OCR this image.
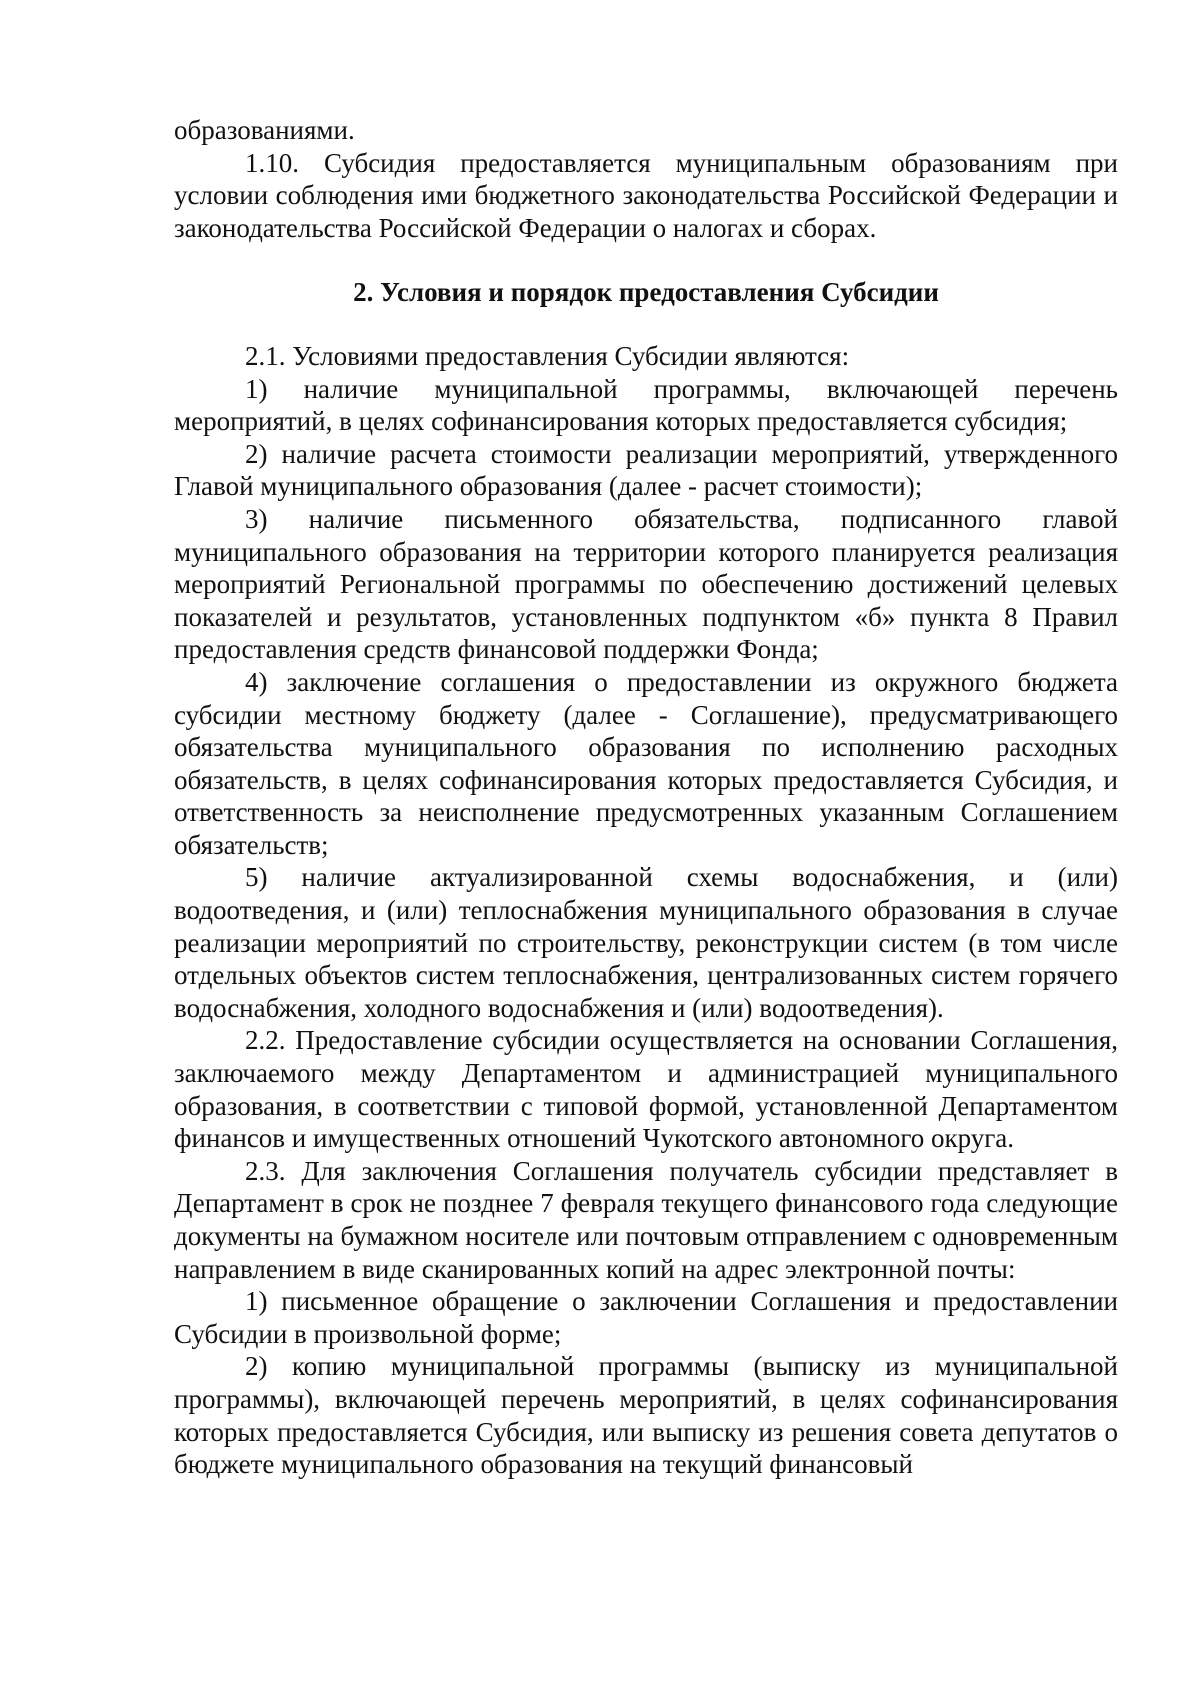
образованиями.

1.10. Субсидия предоставляется муниципальным образованиям при условии соблюдения ими бюджетного законодательства Российской Федерации и законодательства Российской Федерации о налогах и сборах.

2. Условия и порядок предоставления Субсидии

2.1. Условиями предоставления Субсидии являются:

1) наличие муниципальной программы, включающей перечень мероприятий, в целях софинансирования которых предоставляется субсидия;

2) наличие расчета стоимости реализации мероприятий, утвержденного Главой муниципального образования (далее - расчет стоимости);

3) наличие письменного обязательства, подписанного главой муниципального образования на территории которого планируется реализация мероприятий Региональной программы по обеспечению достижений целевых показателей и результатов, установленных подпунктом «б» пункта 8 Правил предоставления средств финансовой поддержки Фонда;

4) заключение соглашения о предоставлении из окружного бюджета субсидии местному бюджету (далее - Соглашение), предусматривающего обязательства муниципального образования по исполнению расходных обязательств, в целях софинансирования которых предоставляется Субсидия, и ответственность за неисполнение предусмотренных указанным Соглашением обязательств;

5) наличие актуализированной схемы водоснабжения, и (или) водоотведения, и (или) теплоснабжения муниципального образования в случае реализации мероприятий по строительству, реконструкции систем (в том числе отдельных объектов систем теплоснабжения, централизованных систем горячего водоснабжения, холодного водоснабжения и (или) водоотведения).

2.2. Предоставление субсидии осуществляется на основании Соглашения, заключаемого между Департаментом и администрацией муниципального образования, в соответствии с типовой формой, установленной Департаментом финансов и имущественных отношений Чукотского автономного округа.

2.3. Для заключения Соглашения получатель субсидии представляет в Департамент в срок не позднее 7 февраля текущего финансового года следующие документы на бумажном носителе или почтовым отправлением с одновременным направлением в виде сканированных копий на адрес электронной почты:

1) письменное обращение о заключении Соглашения и предоставлении Субсидии в произвольной форме;

2) копию муниципальной программы (выписку из муниципальной программы), включающей перечень мероприятий, в целях софинансирования которых предоставляется Субсидия, или выписку из решения совета депутатов о бюджете муниципального образования на текущий финансовый
